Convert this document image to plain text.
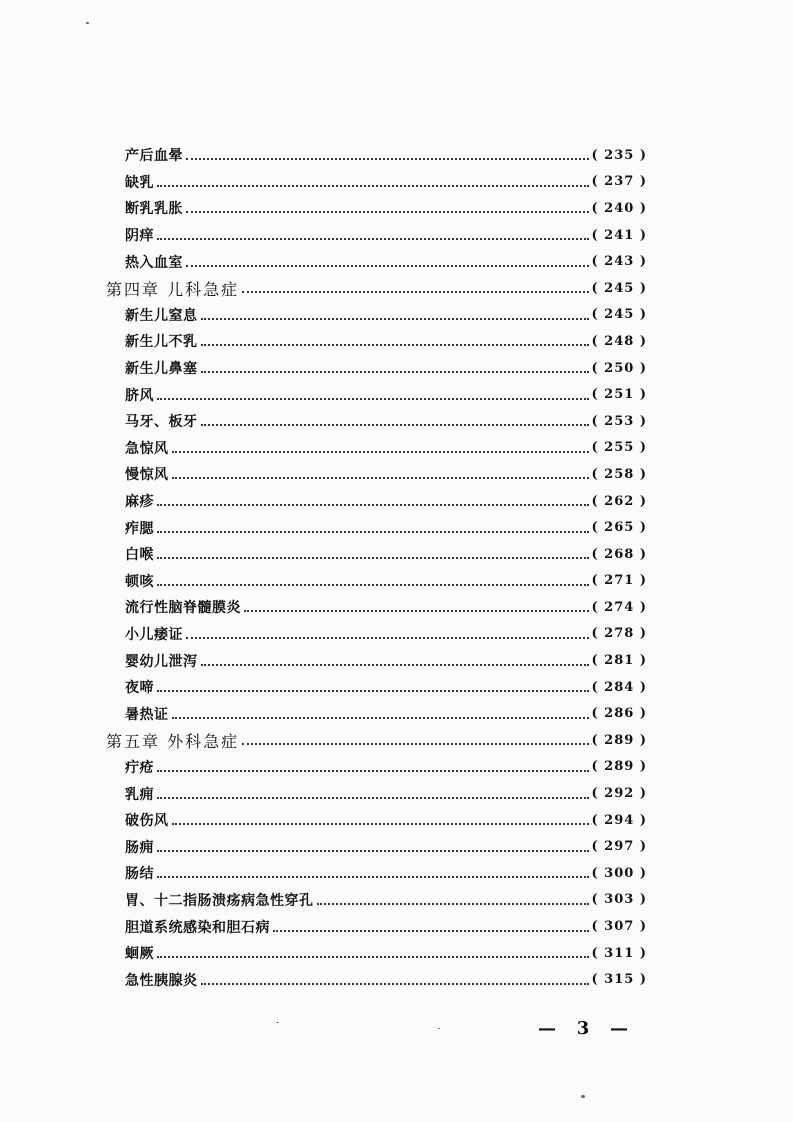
产后血晕	( 235 )
缺乳	( 237 )
断乳乳胀	( 240 )
阴痒	( 241 )
热入血室	( 243 )
第四章 儿科急症	( 245 )
新生儿窒息	( 245 )
新生儿不乳	( 248 )
新生儿鼻塞	( 250 )
脐风	( 251 )
马牙、板牙	( 253 )
急惊风	( 255 )
慢惊风	( 258 )
麻疹	( 262 )
痄腮	( 265 )
白喉	( 268 )
顿咳	( 271 )
流行性脑脊髓膜炎	( 274 )
小儿痿证	( 278 )
婴幼儿泄泻	( 281 )
夜啼	( 284 )
暑热证	( 286 )
第五章 外科急症	( 289 )
疔疮	( 289 )
乳痈	( 292 )
破伤风	( 294 )
肠痈	( 297 )
肠结	( 300 )
胃、十二指肠溃疡病急性穿孔	( 303 )
胆道系统感染和胆石病	( 307 )
蛔厥	( 311 )
急性胰腺炎	( 315 )
— 3 —
